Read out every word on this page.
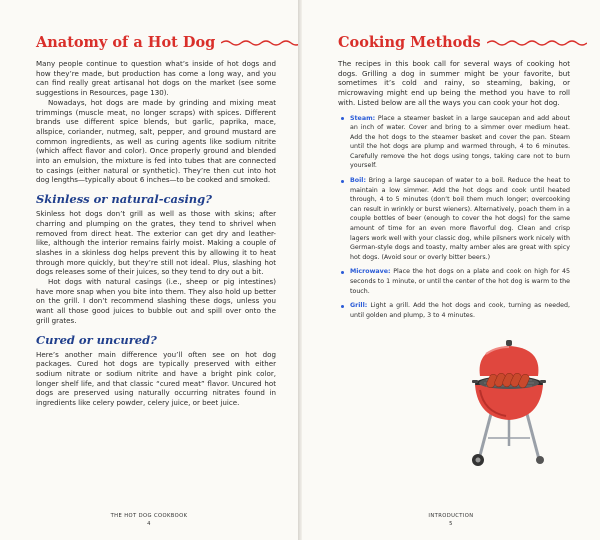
Anatomy of a Hot Dog

Many people continue to question what’s inside of hot dogs and how they’re made, but production has come a long way, and you can find really great artisanal hot dogs on the market (see some suggestions in Resources, page 130).

Nowadays, hot dogs are made by grinding and mixing meat trimmings (muscle meat, no longer scraps) with spices. Different brands use different spice blends, but garlic, paprika, mace, allspice, coriander, nutmeg, salt, pepper, and ground mustard are common ingredients, as well as curing agents like sodium nitrite (which affect flavor and color). Once properly ground and blended into an emulsion, the mixture is fed into tubes that are connected to casings (either natural or synthetic). They’re then cut into hot dog lengths—typically about 6 inches—to be cooked and smoked.

Skinless or natural-casing?

Skinless hot dogs don’t grill as well as those with skins; after charring and plumping on the grates, they tend to shrivel when removed from direct heat. The exterior can get dry and leather-like, although the interior remains fairly moist. Making a couple of slashes in a skinless dog helps prevent this by allowing it to heat through more quickly, but they’re still not ideal. Plus, slashing hot dogs releases some of their juices, so they tend to dry out a bit.

Hot dogs with natural casings (i.e., sheep or pig intestines) have more snap when you bite into them. They also hold up better on the grill. I don’t recommend slashing these dogs, unless you want all those good juices to bubble out and spill over onto the grill grates.

Cured or uncured?

Here’s another main difference you’ll often see on hot dog packages. Cured hot dogs are typically preserved with either sodium nitrate or sodium nitrite and have a bright pink color, longer shelf life, and that classic “cured meat” flavor. Uncured hot dogs are preserved using naturally occurring nitrates found in ingredients like celery powder, celery juice, or beet juice.

THE HOT DOG COOKBOOK
4
Cooking Methods

The recipes in this book call for several ways of cooking hot dogs. Grilling a dog in summer might be your favorite, but sometimes it’s cold and rainy, so steaming, baking, or microwaving might end up being the method you have to roll with. Listed below are all the ways you can cook your hot dog.

Steam: Place a steamer basket in a large saucepan and add about an inch of water. Cover and bring to a simmer over medium heat. Add the hot dogs to the steamer basket and cover the pan. Steam until the hot dogs are plump and warmed through, 4 to 6 minutes. Carefully remove the hot dogs using tongs, taking care not to burn yourself.
Boil: Bring a large saucepan of water to a boil. Reduce the heat to maintain a low simmer. Add the hot dogs and cook until heated through, 4 to 5 minutes (don’t boil them much longer; overcooking can result in wrinkly or burst wieners). Alternatively, poach them in a couple bottles of beer (enough to cover the hot dogs) for the same amount of time for an even more flavorful dog. Clean and crisp lagers work well with your classic dog, while pilsners work nicely with German-style dogs and toasty, malty amber ales are great with spicy hot dogs. (Avoid sour or overly bitter beers.)
Microwave: Place the hot dogs on a plate and cook on high for 45 seconds to 1 minute, or until the center of the hot dog is warm to the touch.
Grill: Light a grill. Add the hot dogs and cook, turning as needed, until golden and plump, 3 to 4 minutes.
INTRODUCTION
5
